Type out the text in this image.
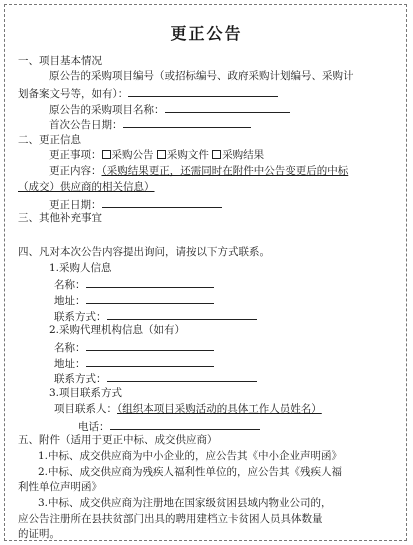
更正公告
一、项目基本情况
原公告的采购项目编号（或招标编号、政府采购计划编号、采购计
划备案文号等，如有）：
原公告的采购项目名称：
首次公告日期：
二、更正信息
更正事项： 采购公告 采购文件 采购结果
更正内容：（采购结果更正，还需同时在附件中公告变更后的中标
（成交）供应商的相关信息）
更正日期：
三、其他补充事宜
四、凡对本次公告内容提出询问，请按以下方式联系。
1.采购人信息
名称：
地址：
联系方式：
2.采购代理机构信息（如有）
名称：
地址：
联系方式：
3.项目联系方式
项目联系人：（组织本项目采购活动的具体工作人员姓名）
电话：
五、附件（适用于更正中标、成交供应商）
1.中标、成交供应商为中小企业的，应公告其《中小企业声明函》
2.中标、成交供应商为残疾人福利性单位的，应公告其《残疾人福
利性单位声明函》
3.中标、成交供应商为注册地在国家级贫困县域内物业公司的，
应公告注册所在县扶贫部门出具的聘用建档立卡贫困人员具体数量
的证明。
